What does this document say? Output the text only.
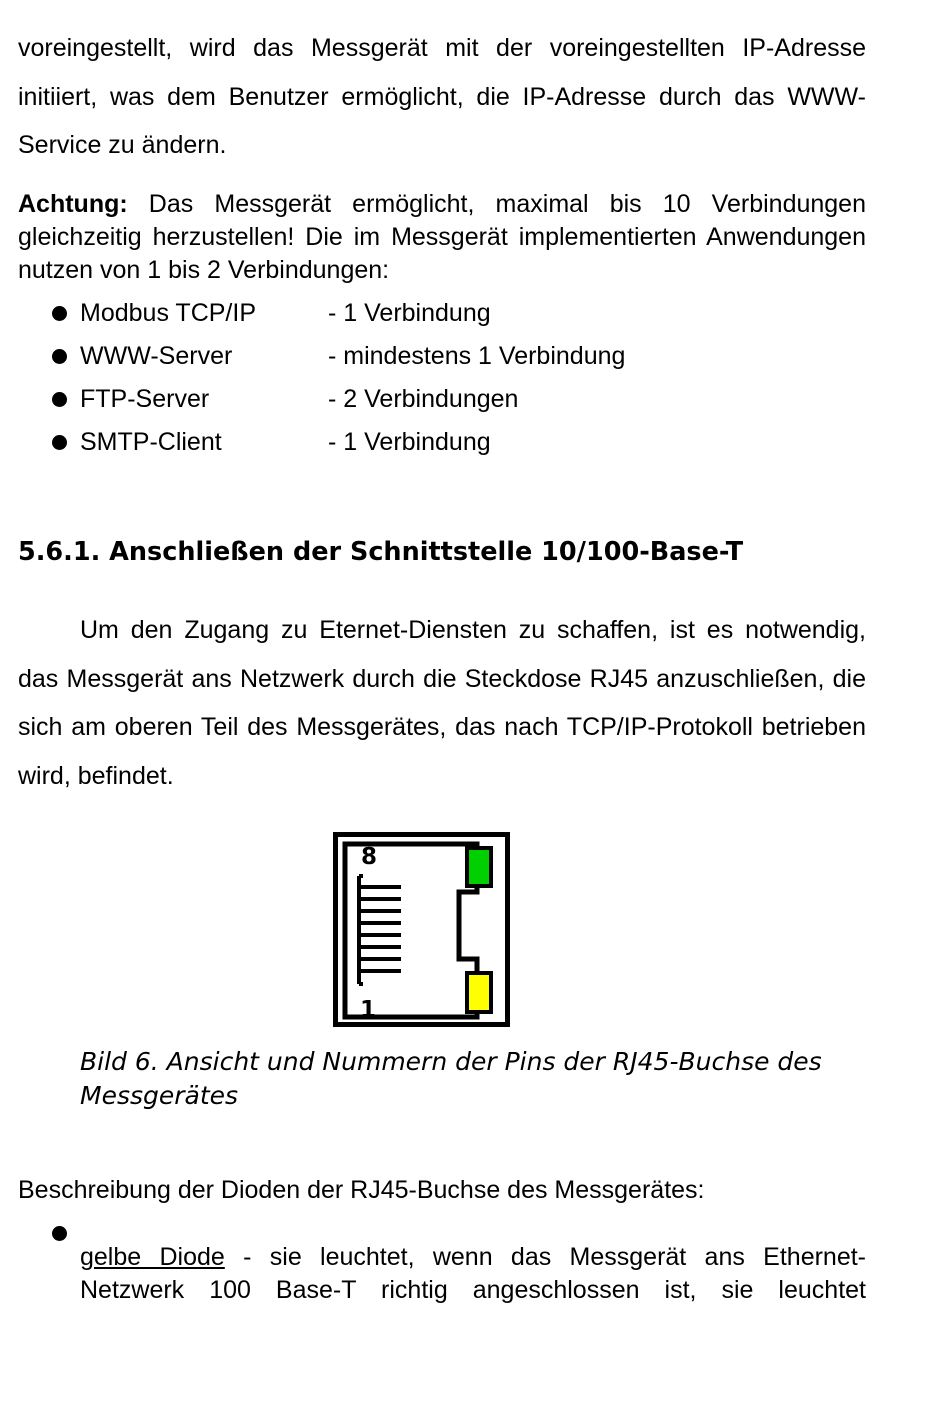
voreingestellt, wird das Messgerät mit der voreingestellten IP-Adresse initiiert, was dem Benutzer ermöglicht, die IP-Adresse durch das WWW-Service zu ändern.

Achtung: Das Messgerät ermöglicht, maximal bis 10 Verbindungen gleichzeitig herzustellen! Die im Messgerät implementierten Anwendungen nutzen von 1 bis 2 Verbindungen:

Modbus TCP/IP	- 1 Verbindung
WWW-Server	- mindestens 1 Verbindung
FTP-Server	- 2 Verbindungen
SMTP-Client	- 1 Verbindung
5.6.1. Anschließen der Schnittstelle 10/100-Base-T

Um den Zugang zu Eternet-Diensten zu schaffen, ist es notwendig, das Messgerät ans Netzwerk durch die Steckdose RJ45 anzuschließen, die sich am oberen Teil des Messgerätes, das nach TCP/IP-Protokoll betrieben wird, befindet.

8
1

Bild 6. Ansicht und Nummern der Pins der RJ45-Buchse des Messgerätes

Beschreibung der Dioden der RJ45-Buchse des Messgerätes:

gelbe Diode - sie leuchtet, wenn das Messgerät ans Ethernet-Netzwerk 100 Base-T richtig angeschlossen ist, sie leuchtet
